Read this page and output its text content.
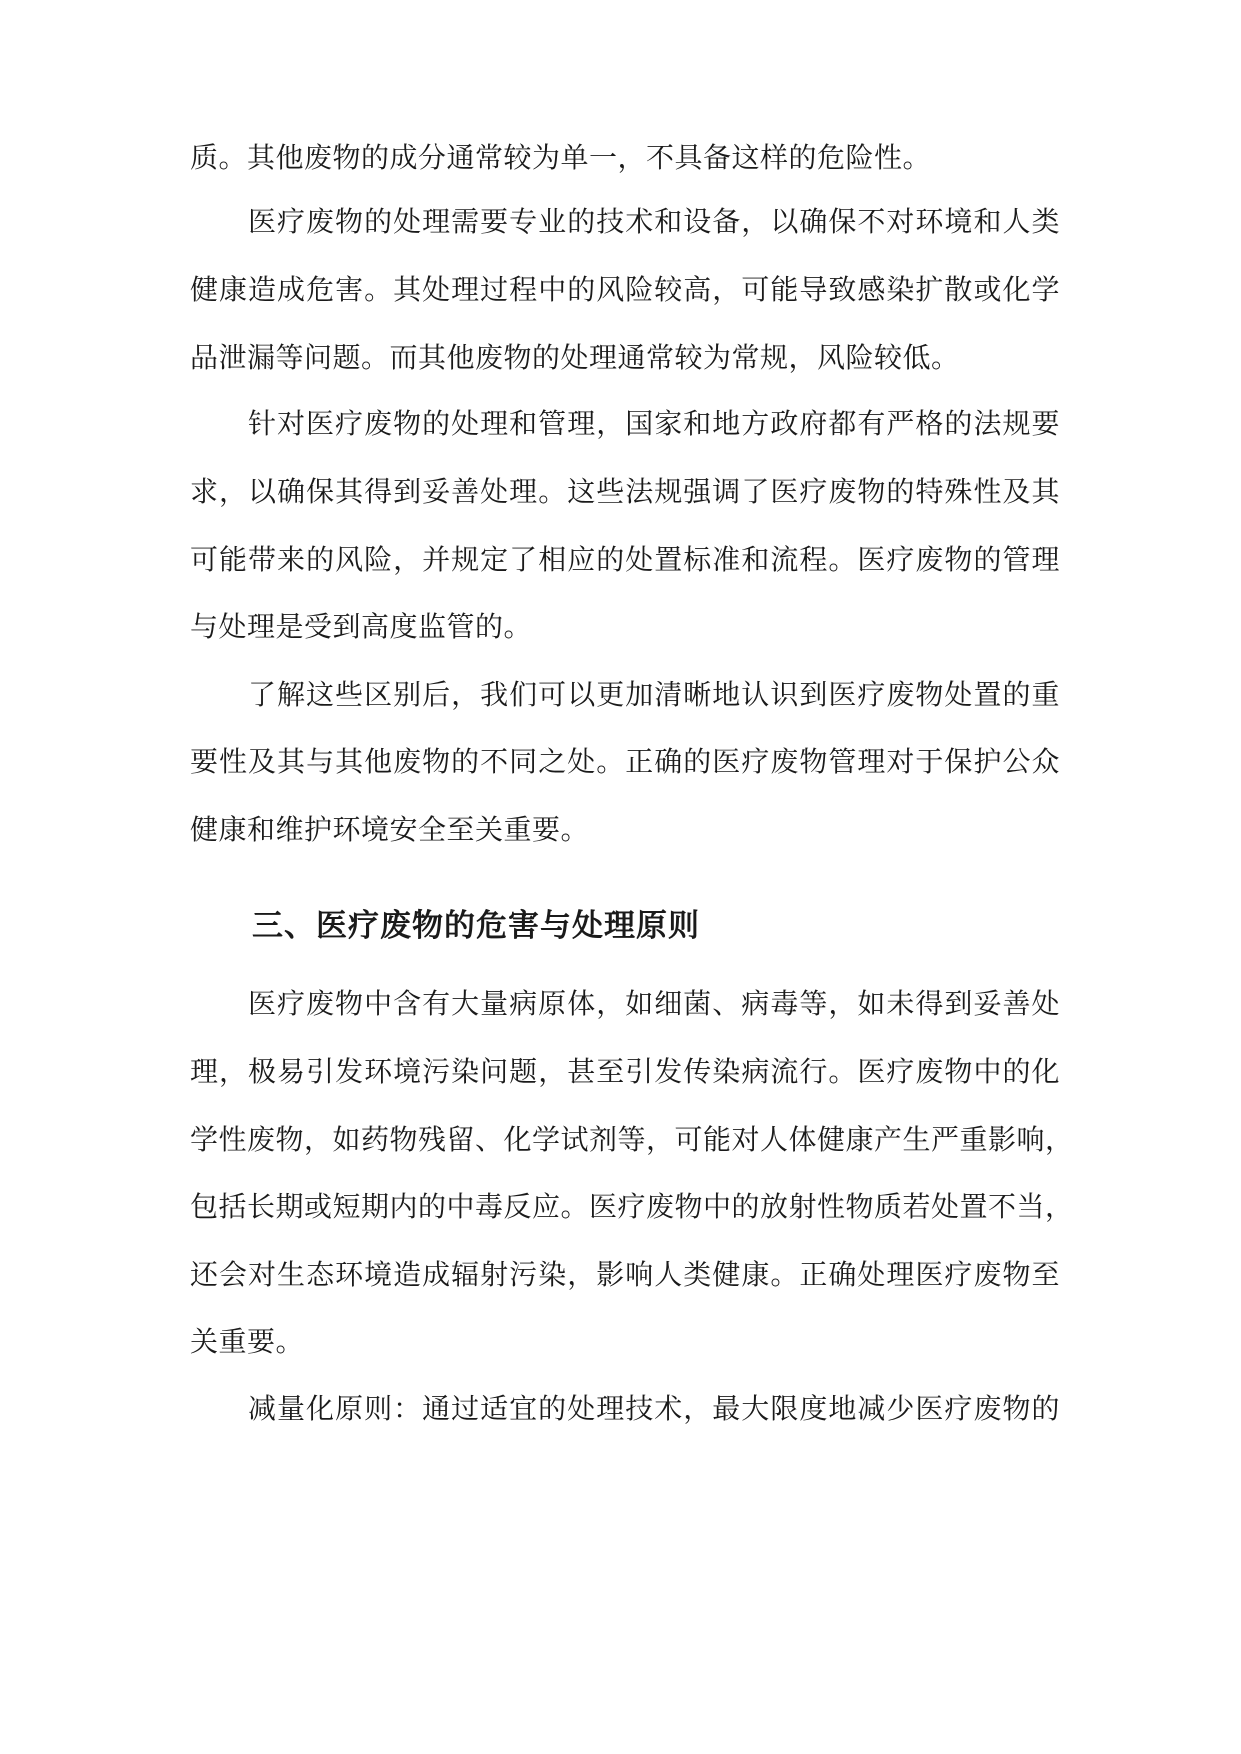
质。其他废物的成分通常较为单一，不具备这样的危险性。
医疗废物的处理需要专业的技术和设备，以确保不对环境和人类
健康造成危害。其处理过程中的风险较高，可能导致感染扩散或化学
品泄漏等问题。而其他废物的处理通常较为常规，风险较低。
针对医疗废物的处理和管理，国家和地方政府都有严格的法规要
求，以确保其得到妥善处理。这些法规强调了医疗废物的特殊性及其
可能带来的风险，并规定了相应的处置标准和流程。医疗废物的管理
与处理是受到高度监管的。
了解这些区别后，我们可以更加清晰地认识到医疗废物处置的重
要性及其与其他废物的不同之处。正确的医疗废物管理对于保护公众
健康和维护环境安全至关重要。
三、医疗废物的危害与处理原则
医疗废物中含有大量病原体，如细菌、病毒等，如未得到妥善处
理，极易引发环境污染问题，甚至引发传染病流行。医疗废物中的化
学性废物，如药物残留、化学试剂等，可能对人体健康产生严重影响，
包括长期或短期内的中毒反应。医疗废物中的放射性物质若处置不当，
还会对生态环境造成辐射污染，影响人类健康。正确处理医疗废物至
关重要。
减量化原则：通过适宜的处理技术，最大限度地减少医疗废物的
